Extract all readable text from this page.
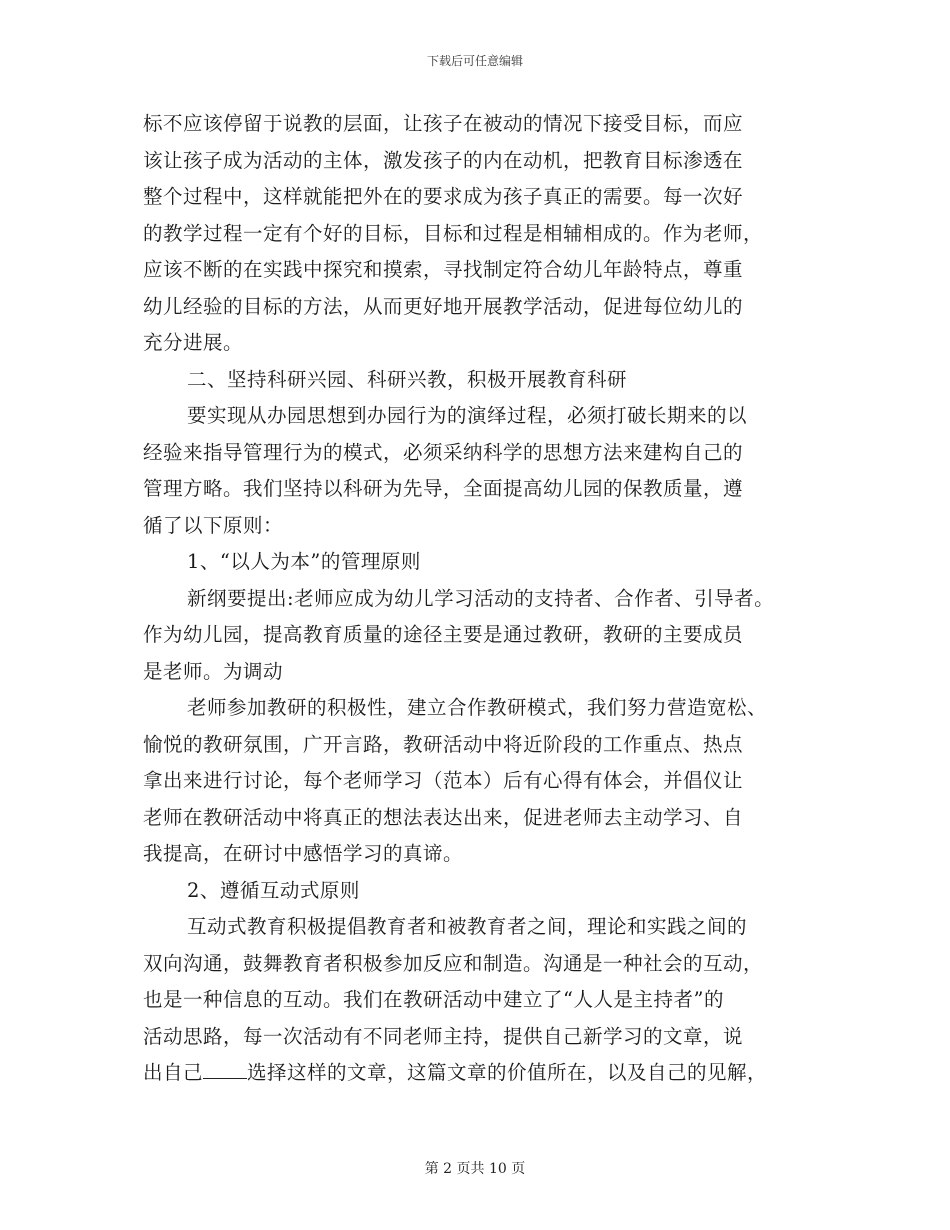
下载后可任意编辑
标不应该停留于说教的层面，让孩子在被动的情况下接受目标，而应
该让孩子成为活动的主体，激发孩子的内在动机，把教育目标渗透在
整个过程中，这样就能把外在的要求成为孩子真正的需要。每一次好
的教学过程一定有个好的目标，目标和过程是相辅相成的。作为老师，
应该不断的在实践中探究和摸索，寻找制定符合幼儿年龄特点，尊重
幼儿经验的目标的方法，从而更好地开展教学活动，促进每位幼儿的
充分进展。
二、坚持科研兴园、科研兴教，积极开展教育科研
要实现从办园思想到办园行为的演绎过程，必须打破长期来的以
经验来指导管理行为的模式，必须采纳科学的思想方法来建构自己的
管理方略。我们坚持以科研为先导，全面提高幼儿园的保教质量，遵
循了以下原则：
1、“以人为本”的管理原则
新纲要提出:老师应成为幼儿学习活动的支持者、合作者、引导者。
作为幼儿园，提高教育质量的途径主要是通过教研，教研的主要成员
是老师。为调动
老师参加教研的积极性，建立合作教研模式，我们努力营造宽松、
愉悦的教研氛围，广开言路，教研活动中将近阶段的工作重点、热点
拿出来进行讨论，每个老师学习（范本）后有心得有体会，并倡仪让
老师在教研活动中将真正的想法表达出来，促进老师去主动学习、自
我提高，在研讨中感悟学习的真谛。
2、遵循互动式原则
互动式教育积极提倡教育者和被教育者之间，理论和实践之间的
双向沟通，鼓舞教育者积极参加反应和制造。沟通是一种社会的互动，
也是一种信息的互动。我们在教研活动中建立了“人人是主持者”的
活动思路，每一次活动有不同老师主持，提供自己新学习的文章，说
出自己 选择这样的文章，这篇文章的价值所在，以及自己的见解，
第 2 页共 10 页
